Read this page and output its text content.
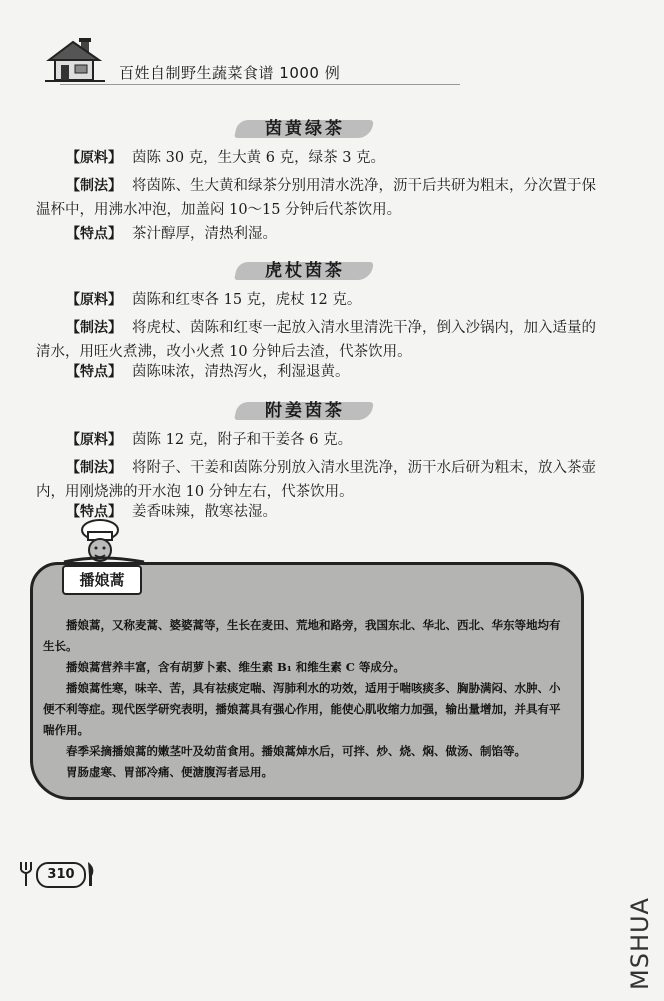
百姓自制野生蔬菜食谱 1000 例
茵黄绿茶
【 原料 】 茵陈 30 克，生大黄 6 克，绿茶 3 克。
【 制法 】 将茵陈、生大黄和绿茶分别用清水洗净，沥干后共研为粗末，分次置于保温杯中，用沸水冲泡，加盖闷 10～15 分钟后代茶饮用。
【 特点 】 茶汁醇厚，清热利湿。
虎杖茵茶
【 原料 】 茵陈和红枣各 15 克，虎杖 12 克。
【 制法 】 将虎杖、茵陈和红枣一起放入清水里清洗干净，倒入沙锅内，加入适量的清水，用旺火煮沸，改小火煮 10 分钟后去渣，代茶饮用。
【 特点 】 茵陈味浓，清热泻火，利湿退黄。
附姜茵茶
【 原料 】 茵陈 12 克，附子和干姜各 6 克。
【 制法 】 将附子、干姜和茵陈分别放入清水里洗净，沥干水后研为粗末，放入茶壶内，用刚烧沸的开水泡 10 分钟左右，代茶饮用。
【 特点 】 姜香味辣，散寒祛湿。

播娘蒿，又称麦蒿、婆婆蒿等，生长在麦田、荒地和路旁，我国东北、华北、西北、华东等地均有生长。

播娘蒿营养丰富，含有胡萝卜素、维生素 B₁ 和维生素 C 等成分。

播娘蒿性寒，味辛、苦，具有祛痰定喘、泻肺利水的功效，适用于喘咳痰多、胸胁满闷、水肿、小便不利等症。现代医学研究表明，播娘蒿具有强心作用，能使心肌收缩力加强，输出量增加，并具有平喘作用。

春季采摘播娘蒿的嫩茎叶及幼苗食用。播娘蒿焯水后，可拌、炒、烧、焖、做汤、制馅等。

胃肠虚寒、胃部冷痛、便溏腹泻者忌用。

播娘蒿
310
MSHUA
